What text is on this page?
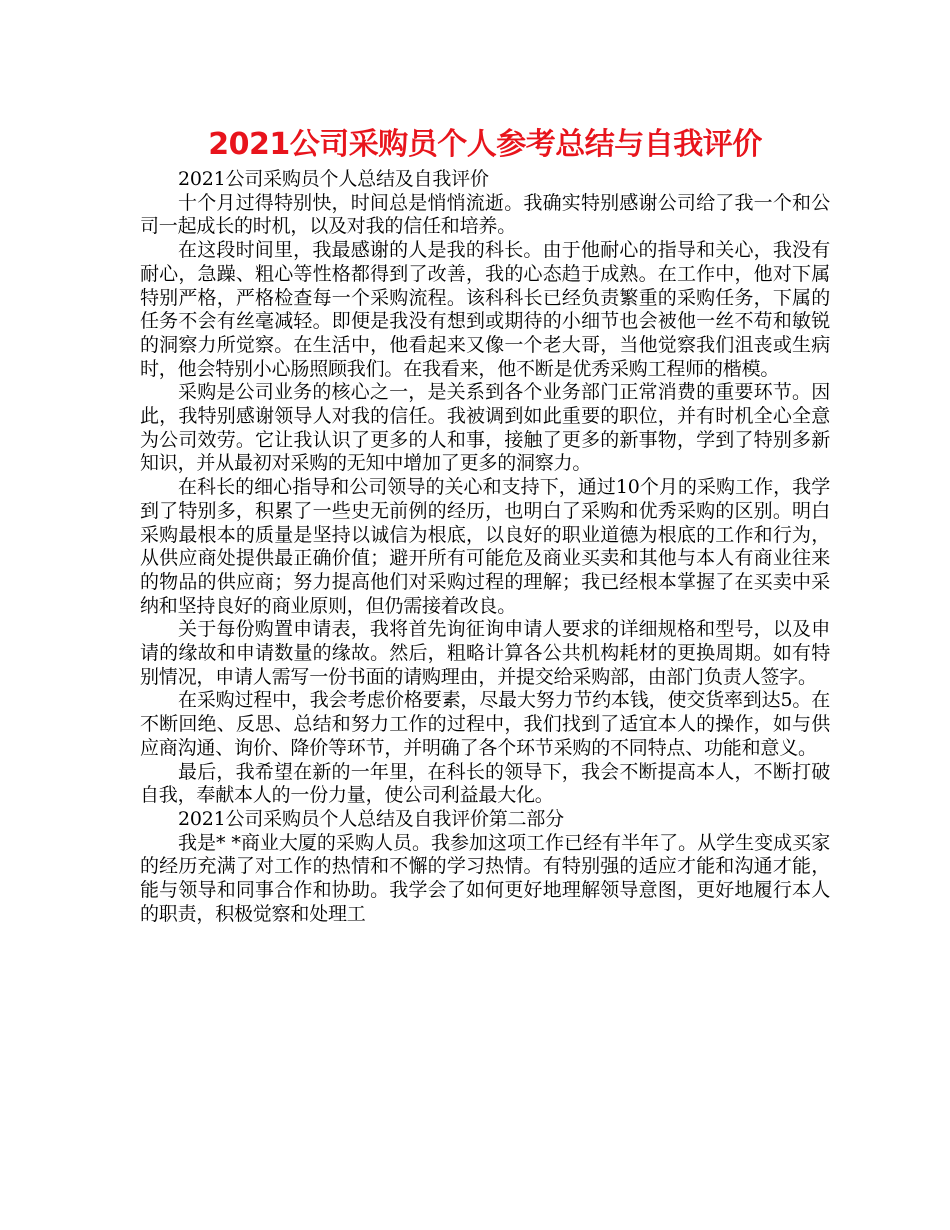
2021公司采购员个人参考总结与自我评价

2021公司采购员个人总结及自我评价

十个月过得特别快，时间总是悄悄流逝。我确实特别感谢公司给了我一个和公司一起成长的时机，以及对我的信任和培养。

在这段时间里，我最感谢的人是我的科长。由于他耐心的指导和关心，我没有耐心，急躁、粗心等性格都得到了改善，我的心态趋于成熟。在工作中，他对下属特别严格，严格检查每一个采购流程。该科科长已经负责繁重的采购任务，下属的任务不会有丝毫减轻。即便是我没有想到或期待的小细节也会被他一丝不苟和敏锐的洞察力所觉察。在生活中，他看起来又像一个老大哥，当他觉察我们沮丧或生病时，他会特别小心肠照顾我们。在我看来，他不断是优秀采购工程师的楷模。

采购是公司业务的核心之一，是关系到各个业务部门正常消费的重要环节。因此，我特别感谢领导人对我的信任。我被调到如此重要的职位，并有时机全心全意为公司效劳。它让我认识了更多的人和事，接触了更多的新事物，学到了特别多新知识，并从最初对采购的无知中增加了更多的洞察力。

在科长的细心指导和公司领导的关心和支持下，通过10个月的采购工作，我学到了特别多，积累了一些史无前例的经历，也明白了采购和优秀采购的区别。明白采购最根本的质量是坚持以诚信为根底，以良好的职业道德为根底的工作和行为，从供应商处提供最正确价值；避开所有可能危及商业买卖和其他与本人有商业往来的物品的供应商；努力提高他们对采购过程的理解；我已经根本掌握了在买卖中采纳和坚持良好的商业原则，但仍需接着改良。

关于每份购置申请表，我将首先询征询申请人要求的详细规格和型号，以及申请的缘故和申请数量的缘故。然后，粗略计算各公共机构耗材的更换周期。如有特别情况，申请人需写一份书面的请购理由，并提交给采购部，由部门负责人签字。

在采购过程中，我会考虑价格要素，尽最大努力节约本钱，使交货率到达5。在不断回绝、反思、总结和努力工作的过程中，我们找到了适宜本人的操作，如与供应商沟通、询价、降价等环节，并明确了各个环节采购的不同特点、功能和意义。

最后，我希望在新的一年里，在科长的领导下，我会不断提高本人，不断打破自我，奉献本人的一份力量，使公司利益最大化。

2021公司采购员个人总结及自我评价第二部分

我是* *商业大厦的采购人员。我参加这项工作已经有半年了。从学生变成买家的经历充满了对工作的热情和不懈的学习热情。有特别强的适应才能和沟通才能，能与领导和同事合作和协助。我学会了如何更好地理解领导意图，更好地履行本人的职责，积极觉察和处理工
